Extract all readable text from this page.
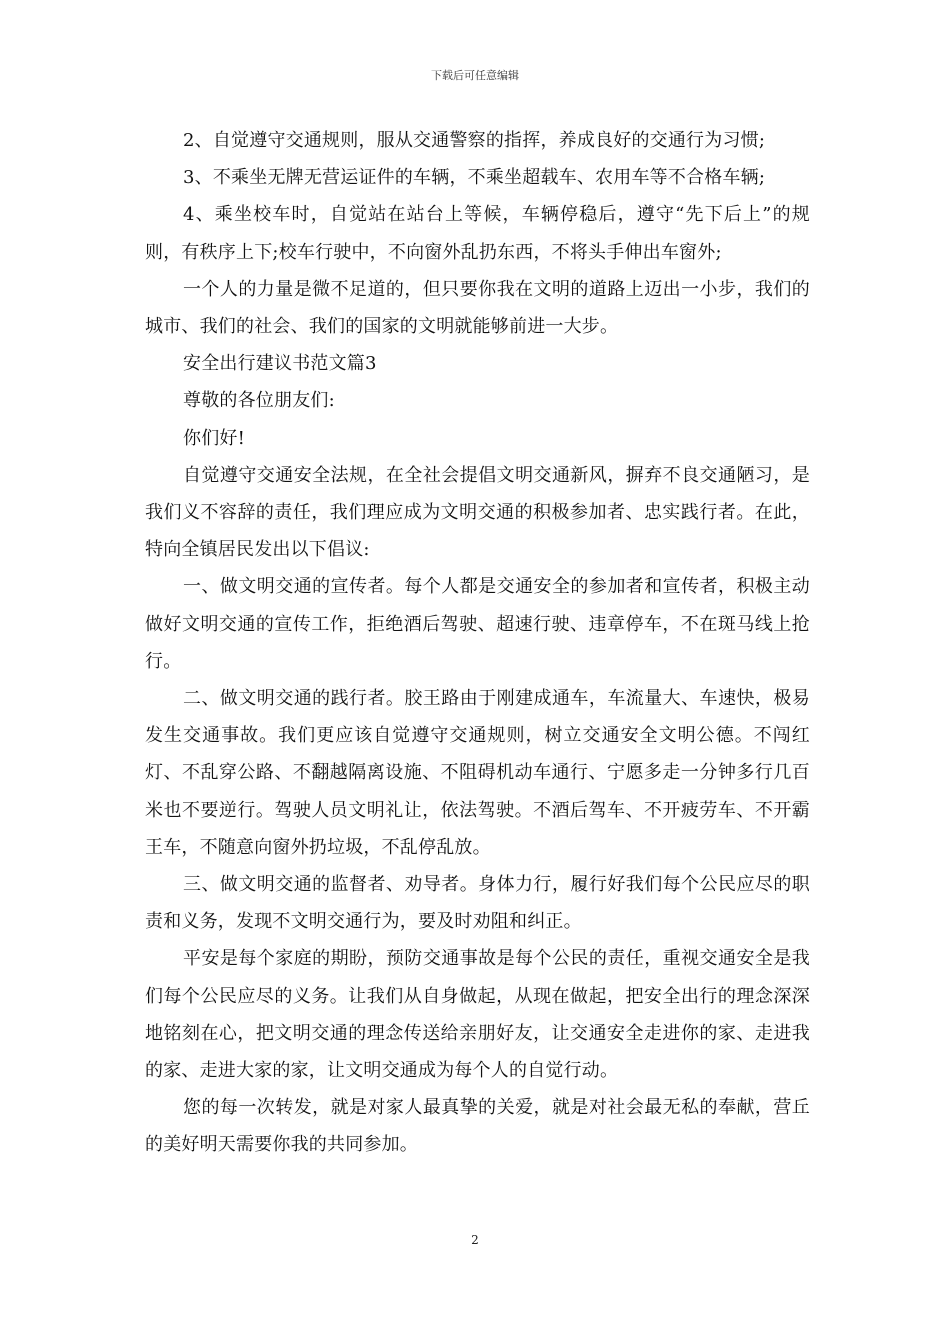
下载后可任意编辑

2、自觉遵守交通规则，服从交通警察的指挥，养成良好的交通行为习惯;

3、不乘坐无牌无营运证件的车辆，不乘坐超载车、农用车等不合格车辆;

4、乘坐校车时，自觉站在站台上等候，车辆停稳后，遵守“先下后上”的规则，有秩序上下;校车行驶中，不向窗外乱扔东西，不将头手伸出车窗外;

一个人的力量是微不足道的，但只要你我在文明的道路上迈出一小步，我们的城市、我们的社会、我们的国家的文明就能够前进一大步。

安全出行建议书范文篇3

尊敬的各位朋友们:

你们好!

自觉遵守交通安全法规，在全社会提倡文明交通新风，摒弃不良交通陋习，是我们义不容辞的责任，我们理应成为文明交通的积极参加者、忠实践行者。在此，特向全镇居民发出以下倡议:

一、做文明交通的宣传者。每个人都是交通安全的参加者和宣传者，积极主动做好文明交通的宣传工作，拒绝酒后驾驶、超速行驶、违章停车，不在斑马线上抢行。

二、做文明交通的践行者。胶王路由于刚建成通车，车流量大、车速快，极易发生交通事故。我们更应该自觉遵守交通规则，树立交通安全文明公德。不闯红灯、不乱穿公路、不翻越隔离设施、不阻碍机动车通行、宁愿多走一分钟多行几百米也不要逆行。驾驶人员文明礼让，依法驾驶。不酒后驾车、不开疲劳车、不开霸王车，不随意向窗外扔垃圾，不乱停乱放。

三、做文明交通的监督者、劝导者。身体力行，履行好我们每个公民应尽的职责和义务，发现不文明交通行为，要及时劝阻和纠正。

平安是每个家庭的期盼，预防交通事故是每个公民的责任，重视交通安全是我们每个公民应尽的义务。让我们从自身做起，从现在做起，把安全出行的理念深深地铭刻在心，把文明交通的理念传送给亲朋好友，让交通安全走进你的家、走进我的家、走进大家的家，让文明交通成为每个人的自觉行动。

您的每一次转发，就是对家人最真挚的关爱，就是对社会最无私的奉献，营丘的美好明天需要你我的共同参加。

2
